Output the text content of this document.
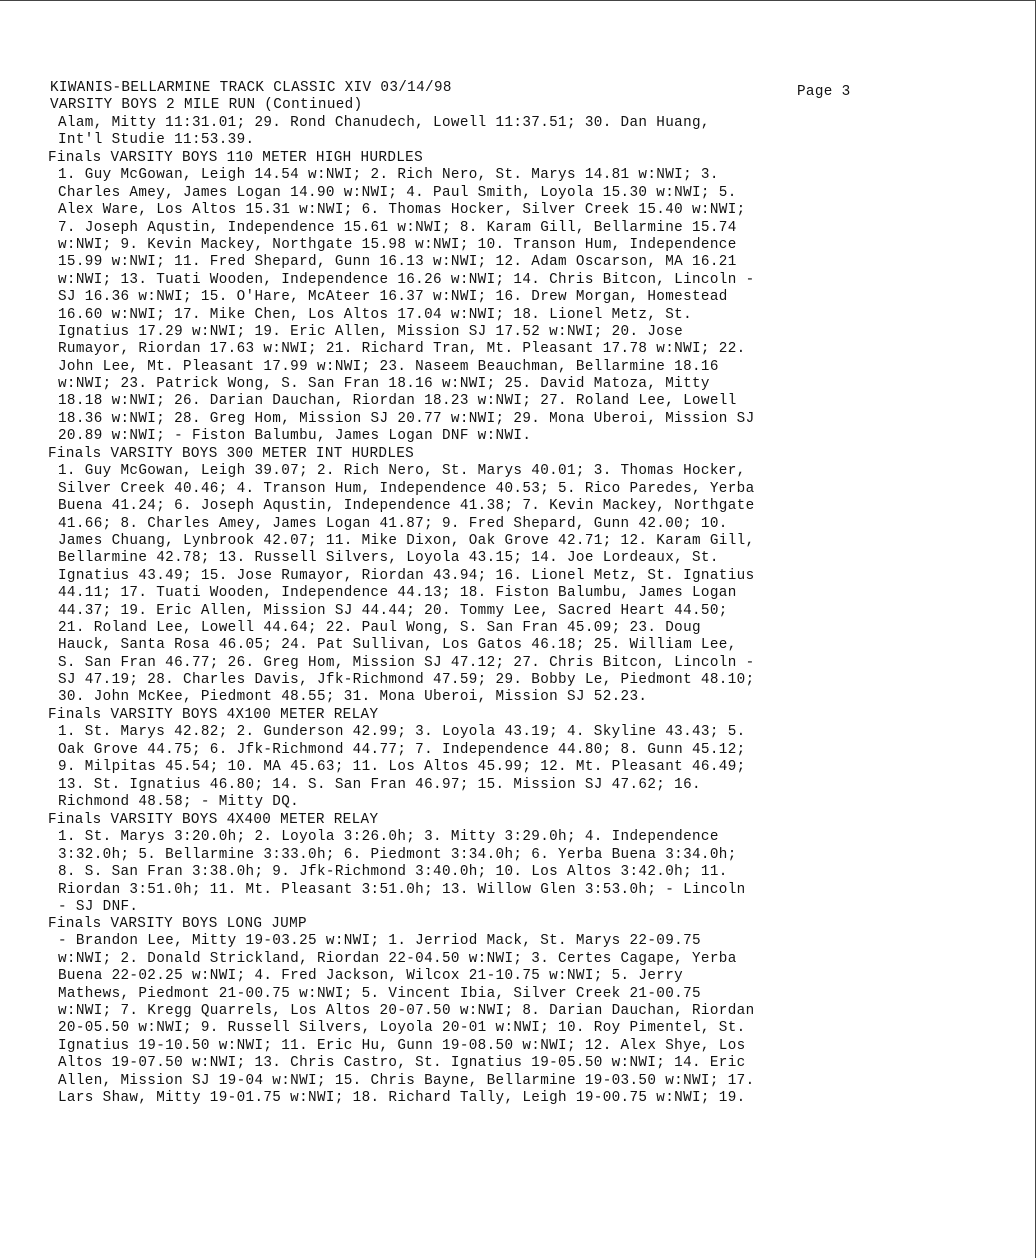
KIWANIS-BELLARMINE TRACK CLASSIC XIV 03/14/98
VARSITY BOYS 2 MILE RUN (Continued)
Page 3
Alam, Mitty 11:31.01; 29. Rond Chanudech, Lowell 11:37.51; 30. Dan Huang,
Int'l Studie 11:53.39.
Finals VARSITY BOYS 110 METER HIGH HURDLES
1. Guy McGowan, Leigh 14.54 w:NWI; 2. Rich Nero, St. Marys 14.81 w:NWI; 3.
Charles Amey, James Logan 14.90 w:NWI; 4. Paul Smith, Loyola 15.30 w:NWI; 5.
Alex Ware, Los Altos 15.31 w:NWI; 6. Thomas Hocker, Silver Creek 15.40 w:NWI;
7. Joseph Aqustin, Independence 15.61 w:NWI; 8. Karam Gill, Bellarmine 15.74
w:NWI; 9. Kevin Mackey, Northgate 15.98 w:NWI; 10. Transon Hum, Independence
15.99 w:NWI; 11. Fred Shepard, Gunn 16.13 w:NWI; 12. Adam Oscarson, MA 16.21
w:NWI; 13. Tuati Wooden, Independence 16.26 w:NWI; 14. Chris Bitcon, Lincoln -
SJ 16.36 w:NWI; 15. O'Hare, McAteer 16.37 w:NWI; 16. Drew Morgan, Homestead
16.60 w:NWI; 17. Mike Chen, Los Altos 17.04 w:NWI; 18. Lionel Metz, St.
Ignatius 17.29 w:NWI; 19. Eric Allen, Mission SJ 17.52 w:NWI; 20. Jose
Rumayor, Riordan 17.63 w:NWI; 21. Richard Tran, Mt. Pleasant 17.78 w:NWI; 22.
John Lee, Mt. Pleasant 17.99 w:NWI; 23. Naseem Beauchman, Bellarmine 18.16
w:NWI; 23. Patrick Wong, S. San Fran 18.16 w:NWI; 25. David Matoza, Mitty
18.18 w:NWI; 26. Darian Dauchan, Riordan 18.23 w:NWI; 27. Roland Lee, Lowell
18.36 w:NWI; 28. Greg Hom, Mission SJ 20.77 w:NWI; 29. Mona Uberoi, Mission SJ
20.89 w:NWI; - Fiston Balumbu, James Logan DNF w:NWI.
Finals VARSITY BOYS 300 METER INT HURDLES
1. Guy McGowan, Leigh 39.07; 2. Rich Nero, St. Marys 40.01; 3. Thomas Hocker,
Silver Creek 40.46; 4. Transon Hum, Independence 40.53; 5. Rico Paredes, Yerba
Buena 41.24; 6. Joseph Aqustin, Independence 41.38; 7. Kevin Mackey, Northgate
41.66; 8. Charles Amey, James Logan 41.87; 9. Fred Shepard, Gunn 42.00; 10.
James Chuang, Lynbrook 42.07; 11. Mike Dixon, Oak Grove 42.71; 12. Karam Gill,
Bellarmine 42.78; 13. Russell Silvers, Loyola 43.15; 14. Joe Lordeaux, St.
Ignatius 43.49; 15. Jose Rumayor, Riordan 43.94; 16. Lionel Metz, St. Ignatius
44.11; 17. Tuati Wooden, Independence 44.13; 18. Fiston Balumbu, James Logan
44.37; 19. Eric Allen, Mission SJ 44.44; 20. Tommy Lee, Sacred Heart 44.50;
21. Roland Lee, Lowell 44.64; 22. Paul Wong, S. San Fran 45.09; 23. Doug
Hauck, Santa Rosa 46.05; 24. Pat Sullivan, Los Gatos 46.18; 25. William Lee,
S. San Fran 46.77; 26. Greg Hom, Mission SJ 47.12; 27. Chris Bitcon, Lincoln -
SJ 47.19; 28. Charles Davis, Jfk-Richmond 47.59; 29. Bobby Le, Piedmont 48.10;
30. John McKee, Piedmont 48.55; 31. Mona Uberoi, Mission SJ 52.23.
Finals VARSITY BOYS 4X100 METER RELAY
1. St. Marys 42.82; 2. Gunderson 42.99; 3. Loyola 43.19; 4. Skyline 43.43; 5.
Oak Grove 44.75; 6. Jfk-Richmond 44.77; 7. Independence 44.80; 8. Gunn 45.12;
9. Milpitas 45.54; 10. MA 45.63; 11. Los Altos 45.99; 12. Mt. Pleasant 46.49;
13. St. Ignatius 46.80; 14. S. San Fran 46.97; 15. Mission SJ 47.62; 16.
Richmond 48.58; - Mitty DQ.
Finals VARSITY BOYS 4X400 METER RELAY
1. St. Marys 3:20.0h; 2. Loyola 3:26.0h; 3. Mitty 3:29.0h; 4. Independence
3:32.0h; 5. Bellarmine 3:33.0h; 6. Piedmont 3:34.0h; 6. Yerba Buena 3:34.0h;
8. S. San Fran 3:38.0h; 9. Jfk-Richmond 3:40.0h; 10. Los Altos 3:42.0h; 11.
Riordan 3:51.0h; 11. Mt. Pleasant 3:51.0h; 13. Willow Glen 3:53.0h; - Lincoln
- SJ DNF.
Finals VARSITY BOYS LONG JUMP
- Brandon Lee, Mitty 19-03.25 w:NWI; 1. Jerriod Mack, St. Marys 22-09.75
w:NWI; 2. Donald Strickland, Riordan 22-04.50 w:NWI; 3. Certes Cagape, Yerba
Buena 22-02.25 w:NWI; 4. Fred Jackson, Wilcox 21-10.75 w:NWI; 5. Jerry
Mathews, Piedmont 21-00.75 w:NWI; 5. Vincent Ibia, Silver Creek 21-00.75
w:NWI; 7. Kregg Quarrels, Los Altos 20-07.50 w:NWI; 8. Darian Dauchan, Riordan
20-05.50 w:NWI; 9. Russell Silvers, Loyola 20-01 w:NWI; 10. Roy Pimentel, St.
Ignatius 19-10.50 w:NWI; 11. Eric Hu, Gunn 19-08.50 w:NWI; 12. Alex Shye, Los
Altos 19-07.50 w:NWI; 13. Chris Castro, St. Ignatius 19-05.50 w:NWI; 14. Eric
Allen, Mission SJ 19-04 w:NWI; 15. Chris Bayne, Bellarmine 19-03.50 w:NWI; 17.
Lars Shaw, Mitty 19-01.75 w:NWI; 18. Richard Tally, Leigh 19-00.75 w:NWI; 19.
